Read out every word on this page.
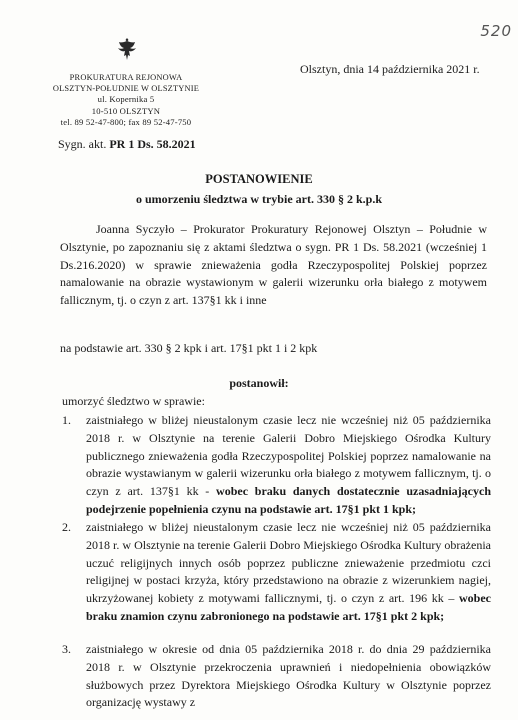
520
PROKURATURA REJONOWA
OLSZTYN-POŁUDNIE W OLSZTYNIE
ul. Kopernika 5
10-510 OLSZTYN
tel. 89 52-47-800; fax 89 52-47-750
Olsztyn, dnia 14 października 2021 r.
Sygn. akt. PR 1 Ds. 58.2021
POSTANOWIENIE
o umorzeniu śledztwa w trybie art. 330 § 2 k.p.k
Joanna Syczyło – Prokurator Prokuratury Rejonowej Olsztyn – Południe w Olsztynie, po zapoznaniu się z aktami śledztwa o sygn. PR 1 Ds. 58.2021 (wcześniej 1 Ds.216.2020) w sprawie znieważenia godła Rzeczypospolitej Polskiej poprzez namalowanie na obrazie wystawionym w galerii wizerunku orła białego z motywem fallicznym, tj. o czyn z art. 137§1 kk i inne
na podstawie art. 330 § 2 kpk i art. 17§1 pkt 1 i 2 kpk
postanowił:
umorzyć śledztwo w sprawie:
1. zaistniałego w bliżej nieustalonym czasie lecz nie wcześniej niż 05 października 2018 r. w Olsztynie na terenie Galerii Dobro Miejskiego Ośrodka Kultury publicznego znieważenia godła Rzeczypospolitej Polskiej poprzez namalowanie na obrazie wystawianym w galerii wizerunku orła białego z motywem fallicznym, tj. o czyn z art. 137§1 kk - wobec braku danych dostatecznie uzasadniających podejrzenie popełnienia czynu na podstawie art. 17§1 pkt 1 kpk;
2. zaistniałego w bliżej nieustalonym czasie lecz nie wcześniej niż 05 października 2018 r. w Olsztynie na terenie Galerii Dobro Miejskiego Ośrodka Kultury obrażenia uczuć religijnych innych osób poprzez publiczne znieważenie przedmiotu czci religijnej w postaci krzyża, który przedstawiono na obrazie z wizerunkiem nagiej, ukrzyżowanej kobiety z motywami fallicznymi, tj. o czyn z art. 196 kk – wobec braku znamion czynu zabronionego na podstawie art. 17§1 pkt 2 kpk;
3. zaistniałego w okresie od dnia 05 października 2018 r. do dnia 29 października 2018 r. w Olsztynie przekroczenia uprawnień i niedopełnienia obowiązków służbowych przez Dyrektora Miejskiego Ośrodka Kultury w Olsztynie poprzez organizację wystawy z
